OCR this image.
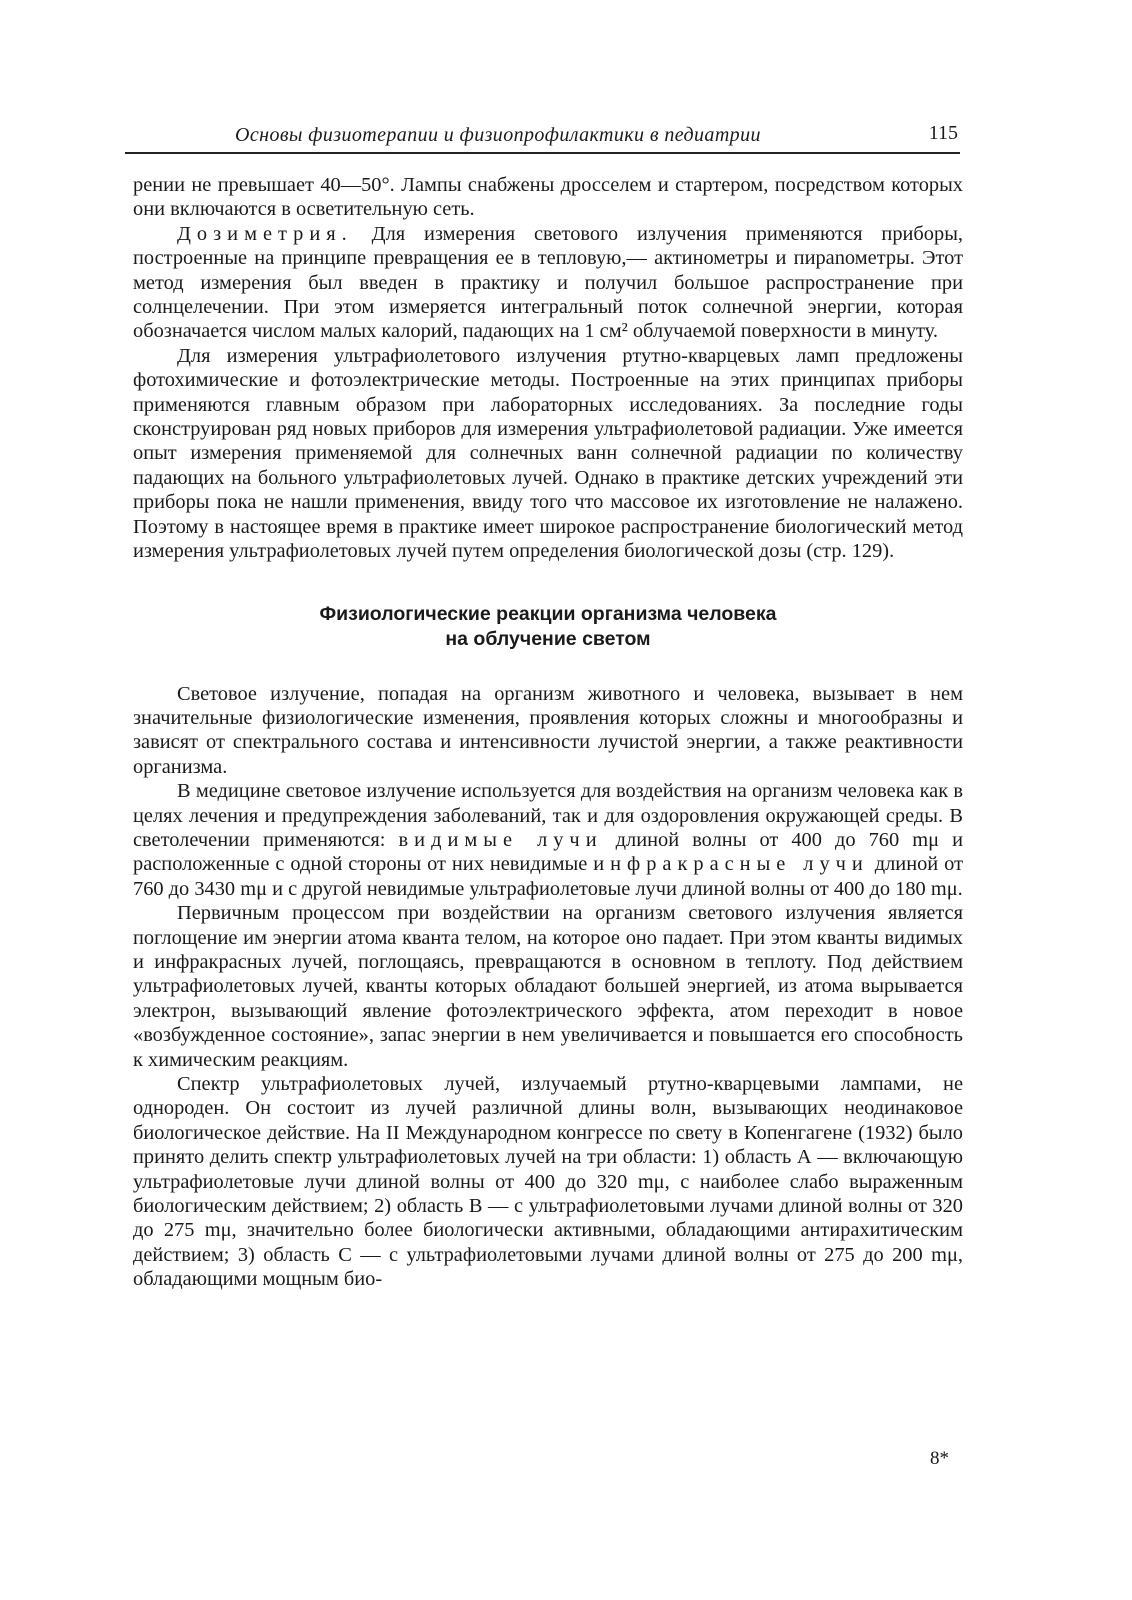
Основы физиотерапии и физиопрофилактики в педиатрии	115

рении не превышает 40—50°. Лампы снабжены дросселем и стартером, посредством которых они включаются в осветительную сеть.

Дозиметрия. Для измерения светового излучения применяются приборы, построенные на принципе превращения ее в тепловую,— актинометры и пирanометры. Этот метод измерения был введен в практику и получил большое распространение при солнцелечении. При этом измеряется интегральный поток солнечной энергии, которая обозначается числом малых калорий, падающих на 1 см² облучаемой поверхности в минуту.

Для измерения ультрафиолетового излучения ртутно-кварцевых ламп предложены фотохимические и фотоэлектрические методы. Построенные на этих принципах приборы применяются главным образом при лабораторных исследованиях. За последние годы сконструирован ряд новых приборов для измерения ультрафиолетовой радиации. Уже имеется опыт измерения применяемой для солнечных ванн солнечной радиации по количеству падающих на больного ультрафиолетовых лучей. Однако в практике детских учреждений эти приборы пока не нашли применения, ввиду того что массовое их изготовление не налажено. Поэтому в настоящее время в практике имеет широкое распространение биологический метод измерения ультрафиолетовых лучей путем определения биологической дозы (стр. 129).

Физиологические реакции организма человека
на облучение светом

Световое излучение, попадая на организм животного и человека, вызывает в нем значительные физиологические изменения, проявления которых сложны и многообразны и зависят от спектрального состава и интенсивности лучистой энергии, а также реактивности организма.

В медицине световое излучение используется для воздействия на организм человека как в целях лечения и предупреждения заболеваний, так и для оздоровления окружающей среды. В светолечении применяются: видимые лучи длиной волны от 400 до 760 mμ и расположенные с одной стороны от них невидимые инфракрасные лучи длиной от 760 до 3430 mμ и с другой невидимые ультрафиолетовые лучи длиной волны от 400 до 180 mμ.

Первичным процессом при воздействии на организм светового излучения является поглощение им энергии атома кванта телом, на которое оно падает. При этом кванты видимых и инфракрасных лучей, поглощаясь, превращаются в основном в теплоту. Под действием ультрафиолетовых лучей, кванты которых обладают большей энергией, из атома вырывается электрон, вызывающий явление фотоэлектрического эффекта, атом переходит в новое «возбужденное состояние», запас энергии в нем увеличивается и повышается его способность к химическим реакциям.

Спектр ультрафиолетовых лучей, излучаемый ртутно-кварцевыми лампами, не однороден. Он состоит из лучей различной длины волн, вызывающих неодинаковое биологическое действие. На II Международном конгрессе по свету в Копенгагене (1932) было принято делить спектр ультрафиолетовых лучей на три области: 1) область А — включающую ультрафиолетовые лучи длиной волны от 400 до 320 mμ, с наиболее слабо выраженным биологическим действием; 2) область В — с ультрафиолетовыми лучами длиной волны от 320 до 275 mμ, значительно более биологически активными, обладающими антирахитическим действием; 3) область С — с ультрафиолетовыми лучами длиной волны от 275 до 200 mμ, обладающими мощным био-

8*
